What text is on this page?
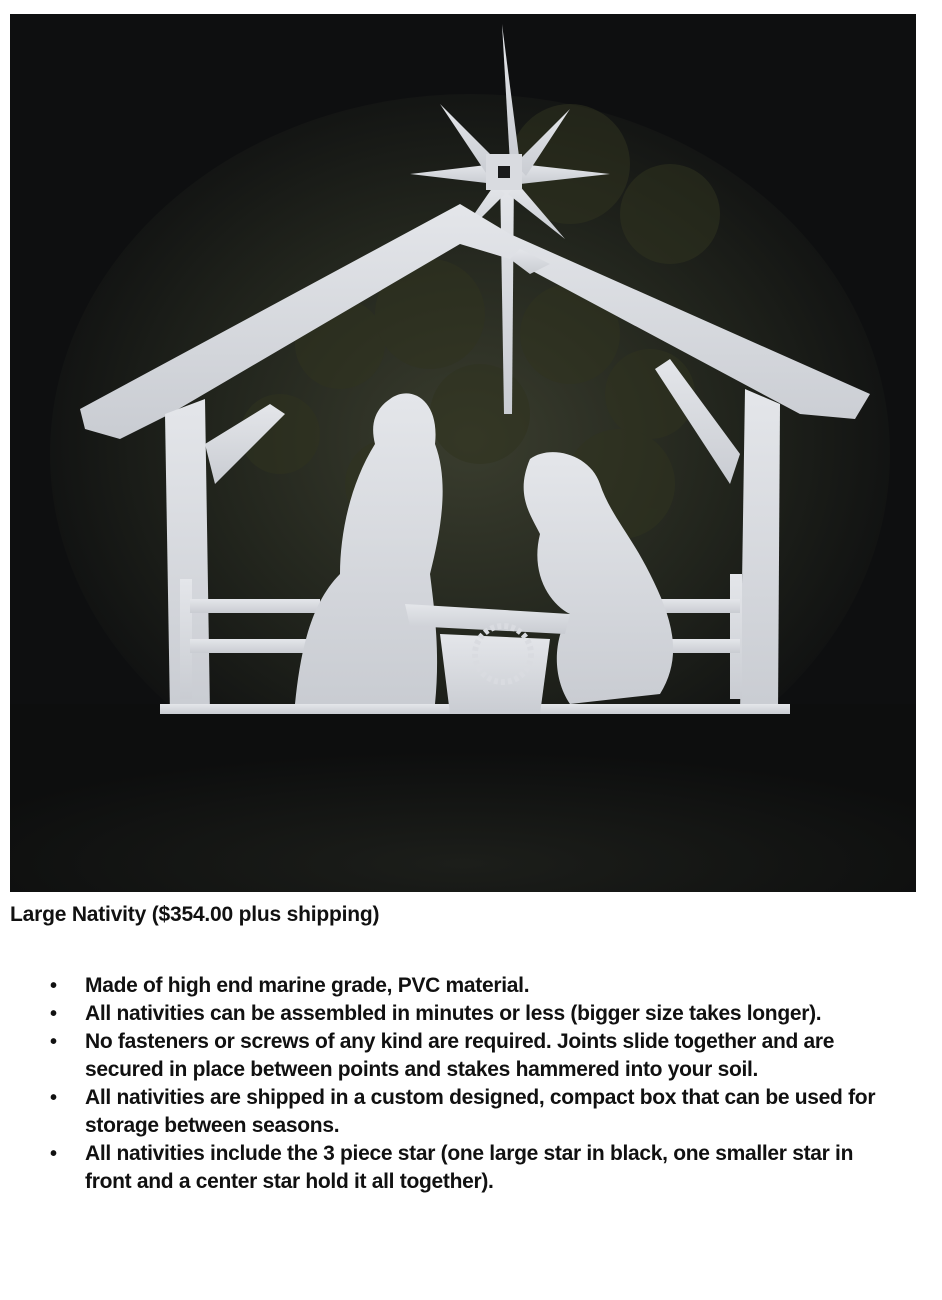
Large Nativity ($354.00 plus shipping)
• Made of high end marine grade, PVC material.
• All nativities can be assembled in minutes or less (bigger size takes longer).
• No fasteners or screws of any kind are required. Joints slide together and are secured in place between points and stakes hammered into your soil.
• All nativities are shipped in a custom designed, compact box that can be used for storage between seasons.
• All nativities include the 3 piece star (one large star in black, one smaller star in front and a center star hold it all together).
